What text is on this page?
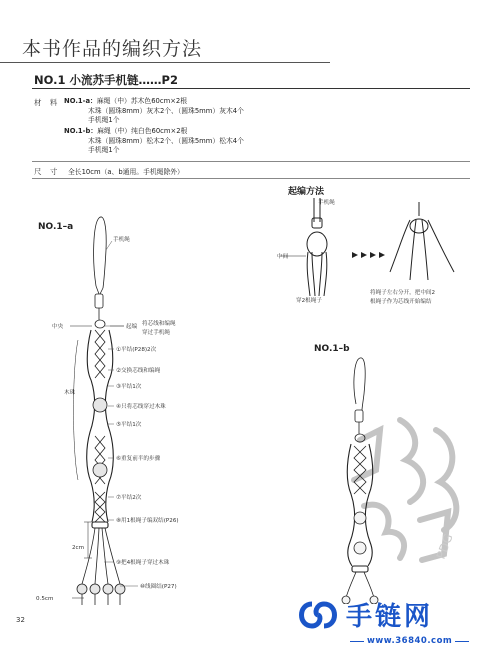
本书作品的编织方法
NO.1 小流苏手机链……P2
材 料 NO.1-a： 麻绳（中）苏木色60cm×2根
木珠（圆珠8mm）灰木2个、（圆珠5mm）灰木4个
手机绳1个
NO.1-b： 麻绳（中）纯白色60cm×2根
木珠（圆珠8mm）松木2个、（圆珠5mm）松木4个
手机绳1个
尺 寸 全长10cm（a、b通用。手机绳除外）
NO.1–a
手机绳
中央	起编 将芯线和编绳
穿过手机绳
①平结(P28)2次
②交换芯线和编绳
③平结1次
④只将芯线穿过木珠
⑤平结1次
⑥重复前半的步骤
⑦平结2次
⑧用1根绳子编双结(P26)
⑨把4根绳子穿过木珠
⑩线圈结(P27)
木珠
2cm
0.5cm
起编方法
手机绳
中间
穿2根绳子
将绳子左右分开，把中间2
根绳子作为芯线开始编结
NO.1–b
PDG
32	手链网
www.36840.com
